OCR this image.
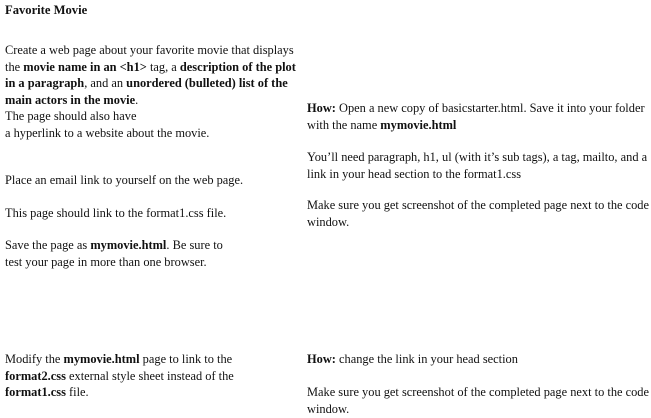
Favorite Movie

Create a web page about your favorite movie that displays the movie name in an <h1> tag, a description of the plot in a paragraph, and an unordered (bulleted) list of the main actors in the movie.
The page should also have
a hyperlink to a website about the movie.

Place an email link to yourself on the web page.

This page should link to the format1.css file.

Save the page as mymovie.html. Be sure to
test your page in more than one browser.

Modify the mymovie.html page to link to the format2.css external style sheet instead of the format1.css file.

How: Open a new copy of basicstarter.html. Save it into your folder with the name mymovie.html

You’ll need paragraph, h1, ul (with it’s sub tags), a tag, mailto, and a link in your head section to the format1.css

Make sure you get screenshot of the completed page next to the code window.

How: change the link in your head section

Make sure you get screenshot of the completed page next to the code window.
